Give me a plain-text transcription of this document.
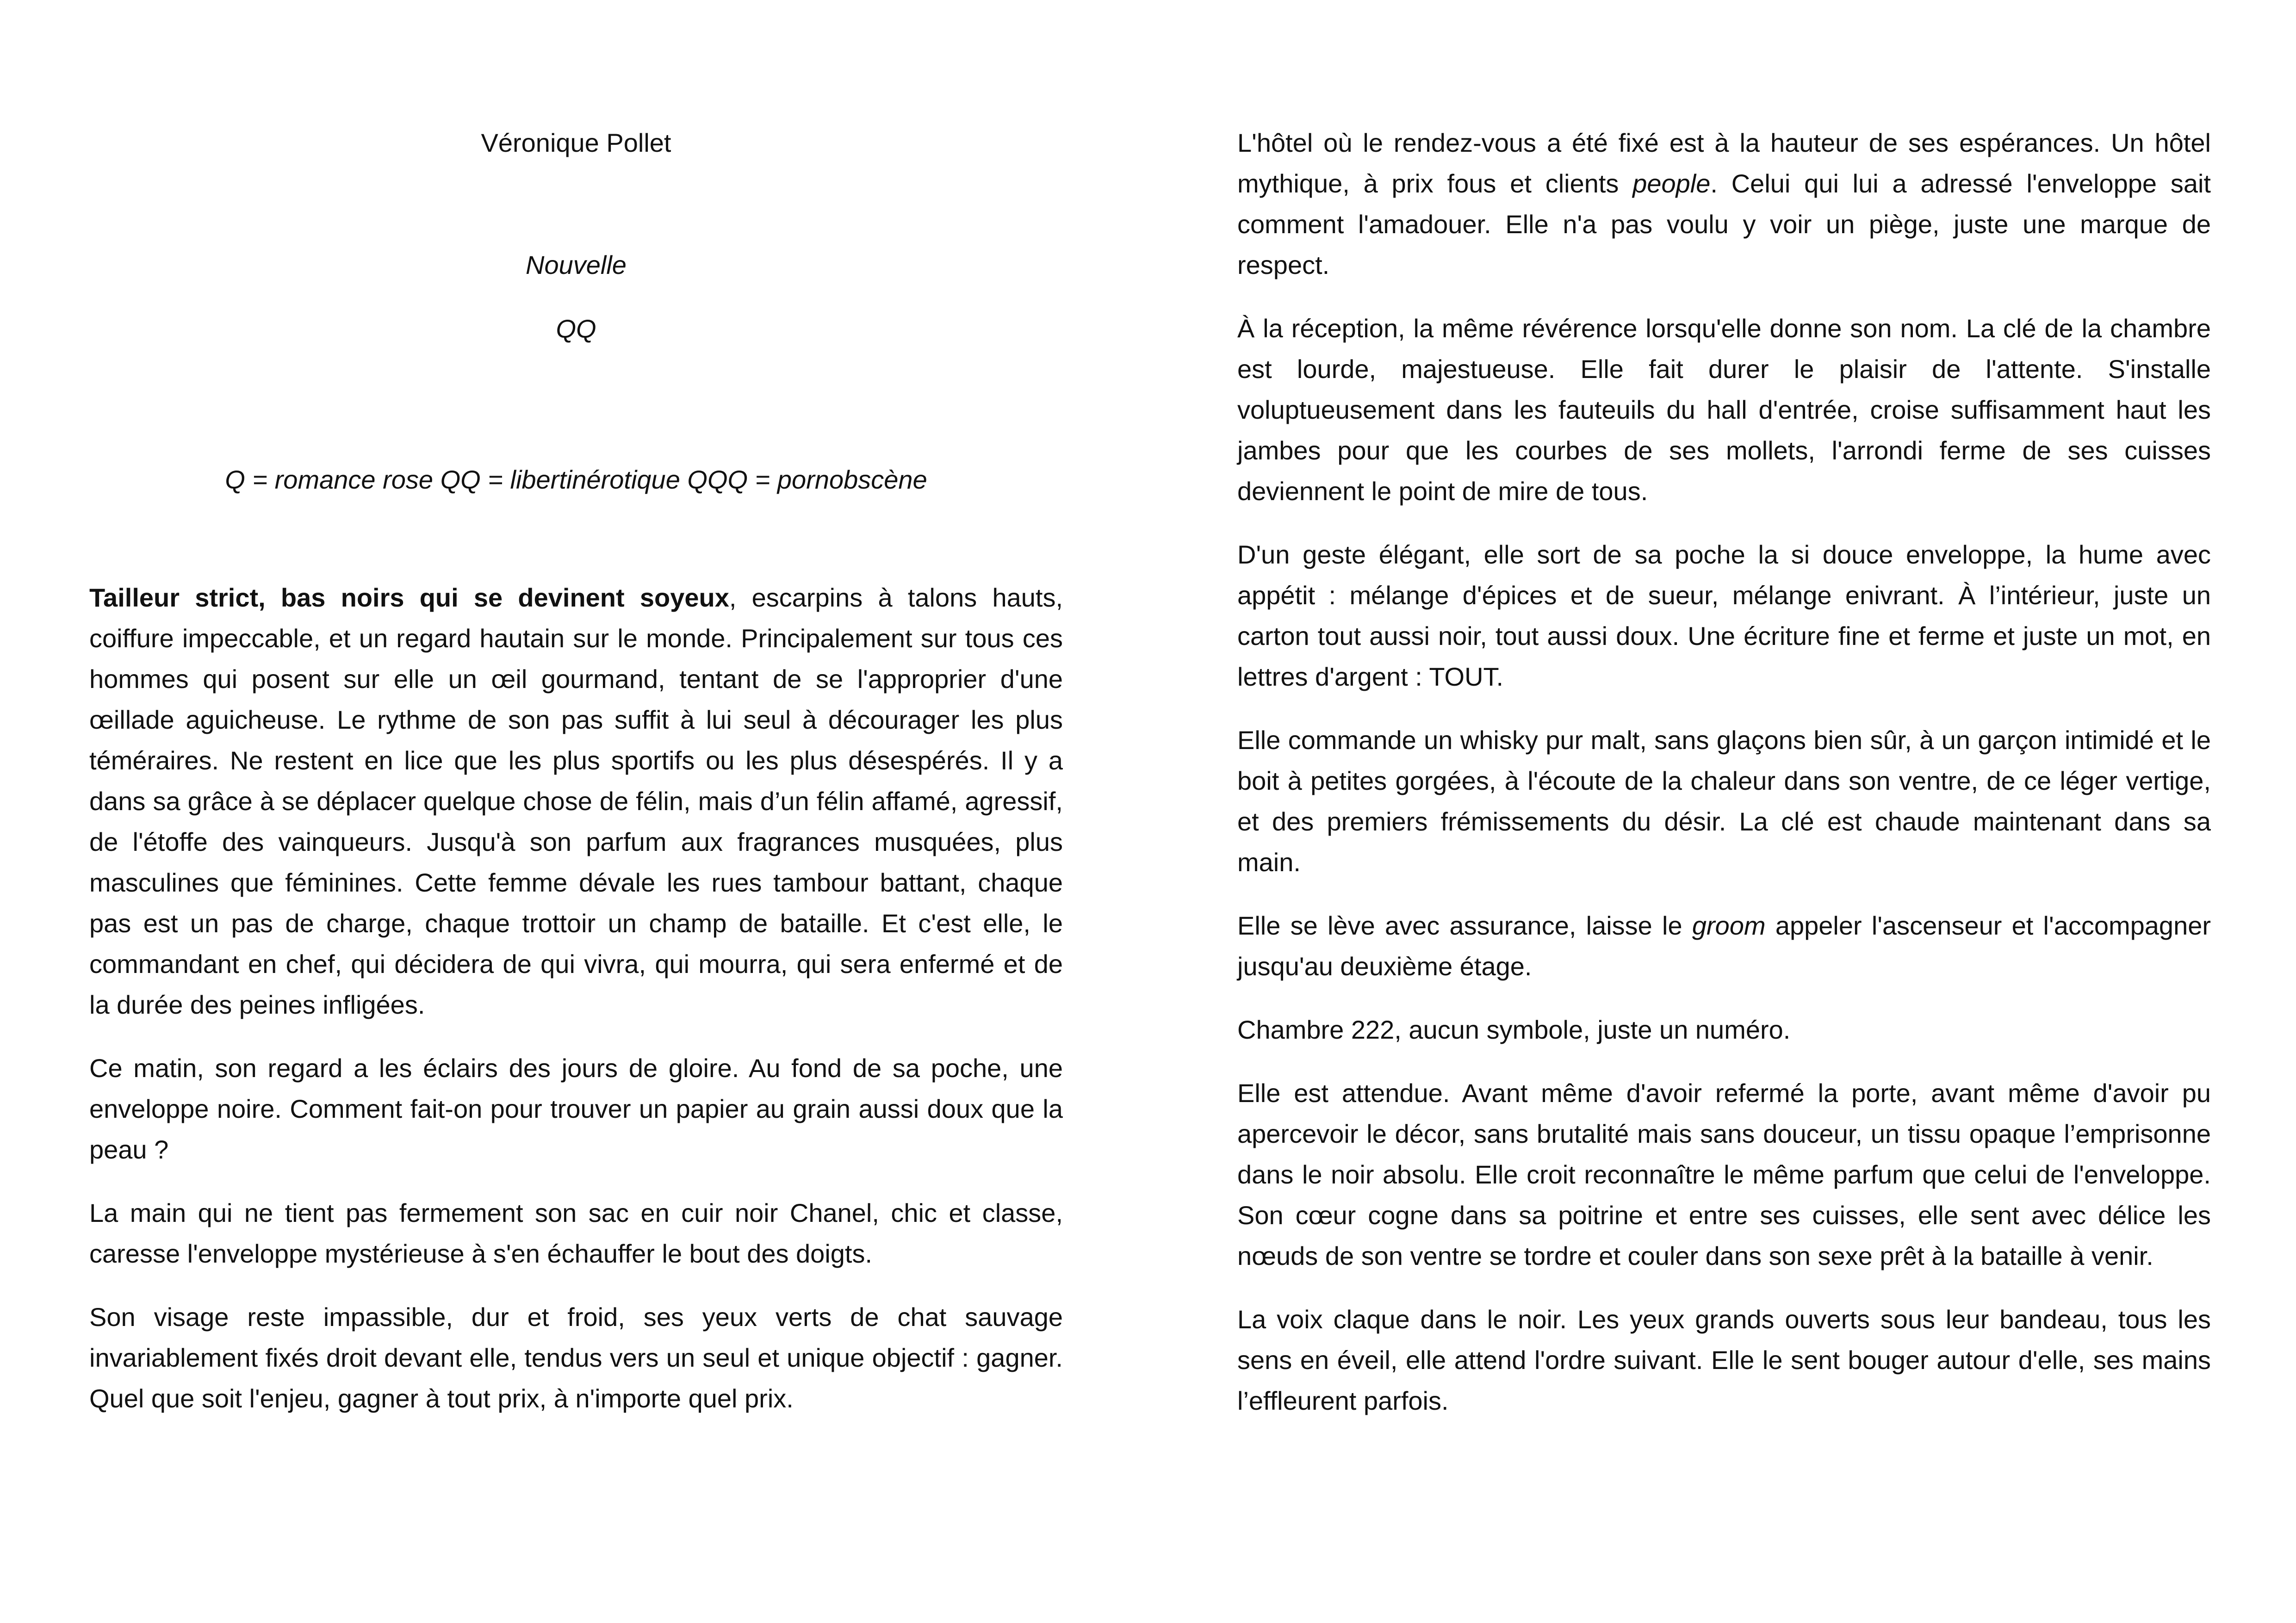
Véronique Pollet

Nouvelle

QQ

Q = romance rose QQ = libertinérotique QQQ = pornobscène

Tailleur strict, bas noirs qui se devinent soyeux, escarpins à talons hauts, coiffure impeccable, et un regard hautain sur le monde. Principalement sur tous ces hommes qui posent sur elle un œil gourmand, tentant de se l'approprier d'une œillade aguicheuse. Le rythme de son pas suffit à lui seul à décourager les plus téméraires. Ne restent en lice que les plus sportifs ou les plus désespérés. Il y a dans sa grâce à se déplacer quelque chose de félin, mais d’un félin affamé, agressif, de l'étoffe des vainqueurs. Jusqu'à son parfum aux fragrances musquées, plus masculines que féminines. Cette femme dévale les rues tambour battant, chaque pas est un pas de charge, chaque trottoir un champ de bataille. Et c'est elle, le commandant en chef, qui décidera de qui vivra, qui mourra, qui sera enfermé et de la durée des peines infligées.

Ce matin, son regard a les éclairs des jours de gloire. Au fond de sa poche, une enveloppe noire. Comment fait-on pour trouver un papier au grain aussi doux que la peau ?

La main qui ne tient pas fermement son sac en cuir noir Chanel, chic et classe, caresse l'enveloppe mystérieuse à s'en échauffer le bout des doigts.

Son visage reste impassible, dur et froid, ses yeux verts de chat sauvage invariablement fixés droit devant elle, tendus vers un seul et unique objectif : gagner. Quel que soit l'enjeu, gagner à tout prix, à n'importe quel prix.

L'hôtel où le rendez-vous a été fixé est à la hauteur de ses espérances. Un hôtel mythique, à prix fous et clients people. Celui qui lui a adressé l'enveloppe sait comment l'amadouer. Elle n'a pas voulu y voir un piège, juste une marque de respect.

À la réception, la même révérence lorsqu'elle donne son nom. La clé de la chambre est lourde, majestueuse. Elle fait durer le plaisir de l'attente. S'installe voluptueusement dans les fauteuils du hall d'entrée, croise suffisamment haut les jambes pour que les courbes de ses mollets, l'arrondi ferme de ses cuisses deviennent le point de mire de tous.

D'un geste élégant, elle sort de sa poche la si douce enveloppe, la hume avec appétit : mélange d'épices et de sueur, mélange enivrant. À l’intérieur, juste un carton tout aussi noir, tout aussi doux. Une écriture fine et ferme et juste un mot, en lettres d'argent : TOUT.

Elle commande un whisky pur malt, sans glaçons bien sûr, à un garçon intimidé et le boit à petites gorgées, à l'écoute de la chaleur dans son ventre, de ce léger vertige, et des premiers frémissements du désir. La clé est chaude maintenant dans sa main.

Elle se lève avec assurance, laisse le groom appeler l'ascenseur et l'accompagner jusqu'au deuxième étage.

Chambre 222, aucun symbole, juste un numéro.

Elle est attendue. Avant même d'avoir refermé la porte, avant même d'avoir pu apercevoir le décor, sans brutalité mais sans douceur, un tissu opaque l’emprisonne dans le noir absolu. Elle croit reconnaître le même parfum que celui de l'enveloppe. Son cœur cogne dans sa poitrine et entre ses cuisses, elle sent avec délice les nœuds de son ventre se tordre et couler dans son sexe prêt à la bataille à venir.

La voix claque dans le noir. Les yeux grands ouverts sous leur bandeau, tous les sens en éveil, elle attend l'ordre suivant. Elle le sent bouger autour d'elle, ses mains l’effleurent parfois.
